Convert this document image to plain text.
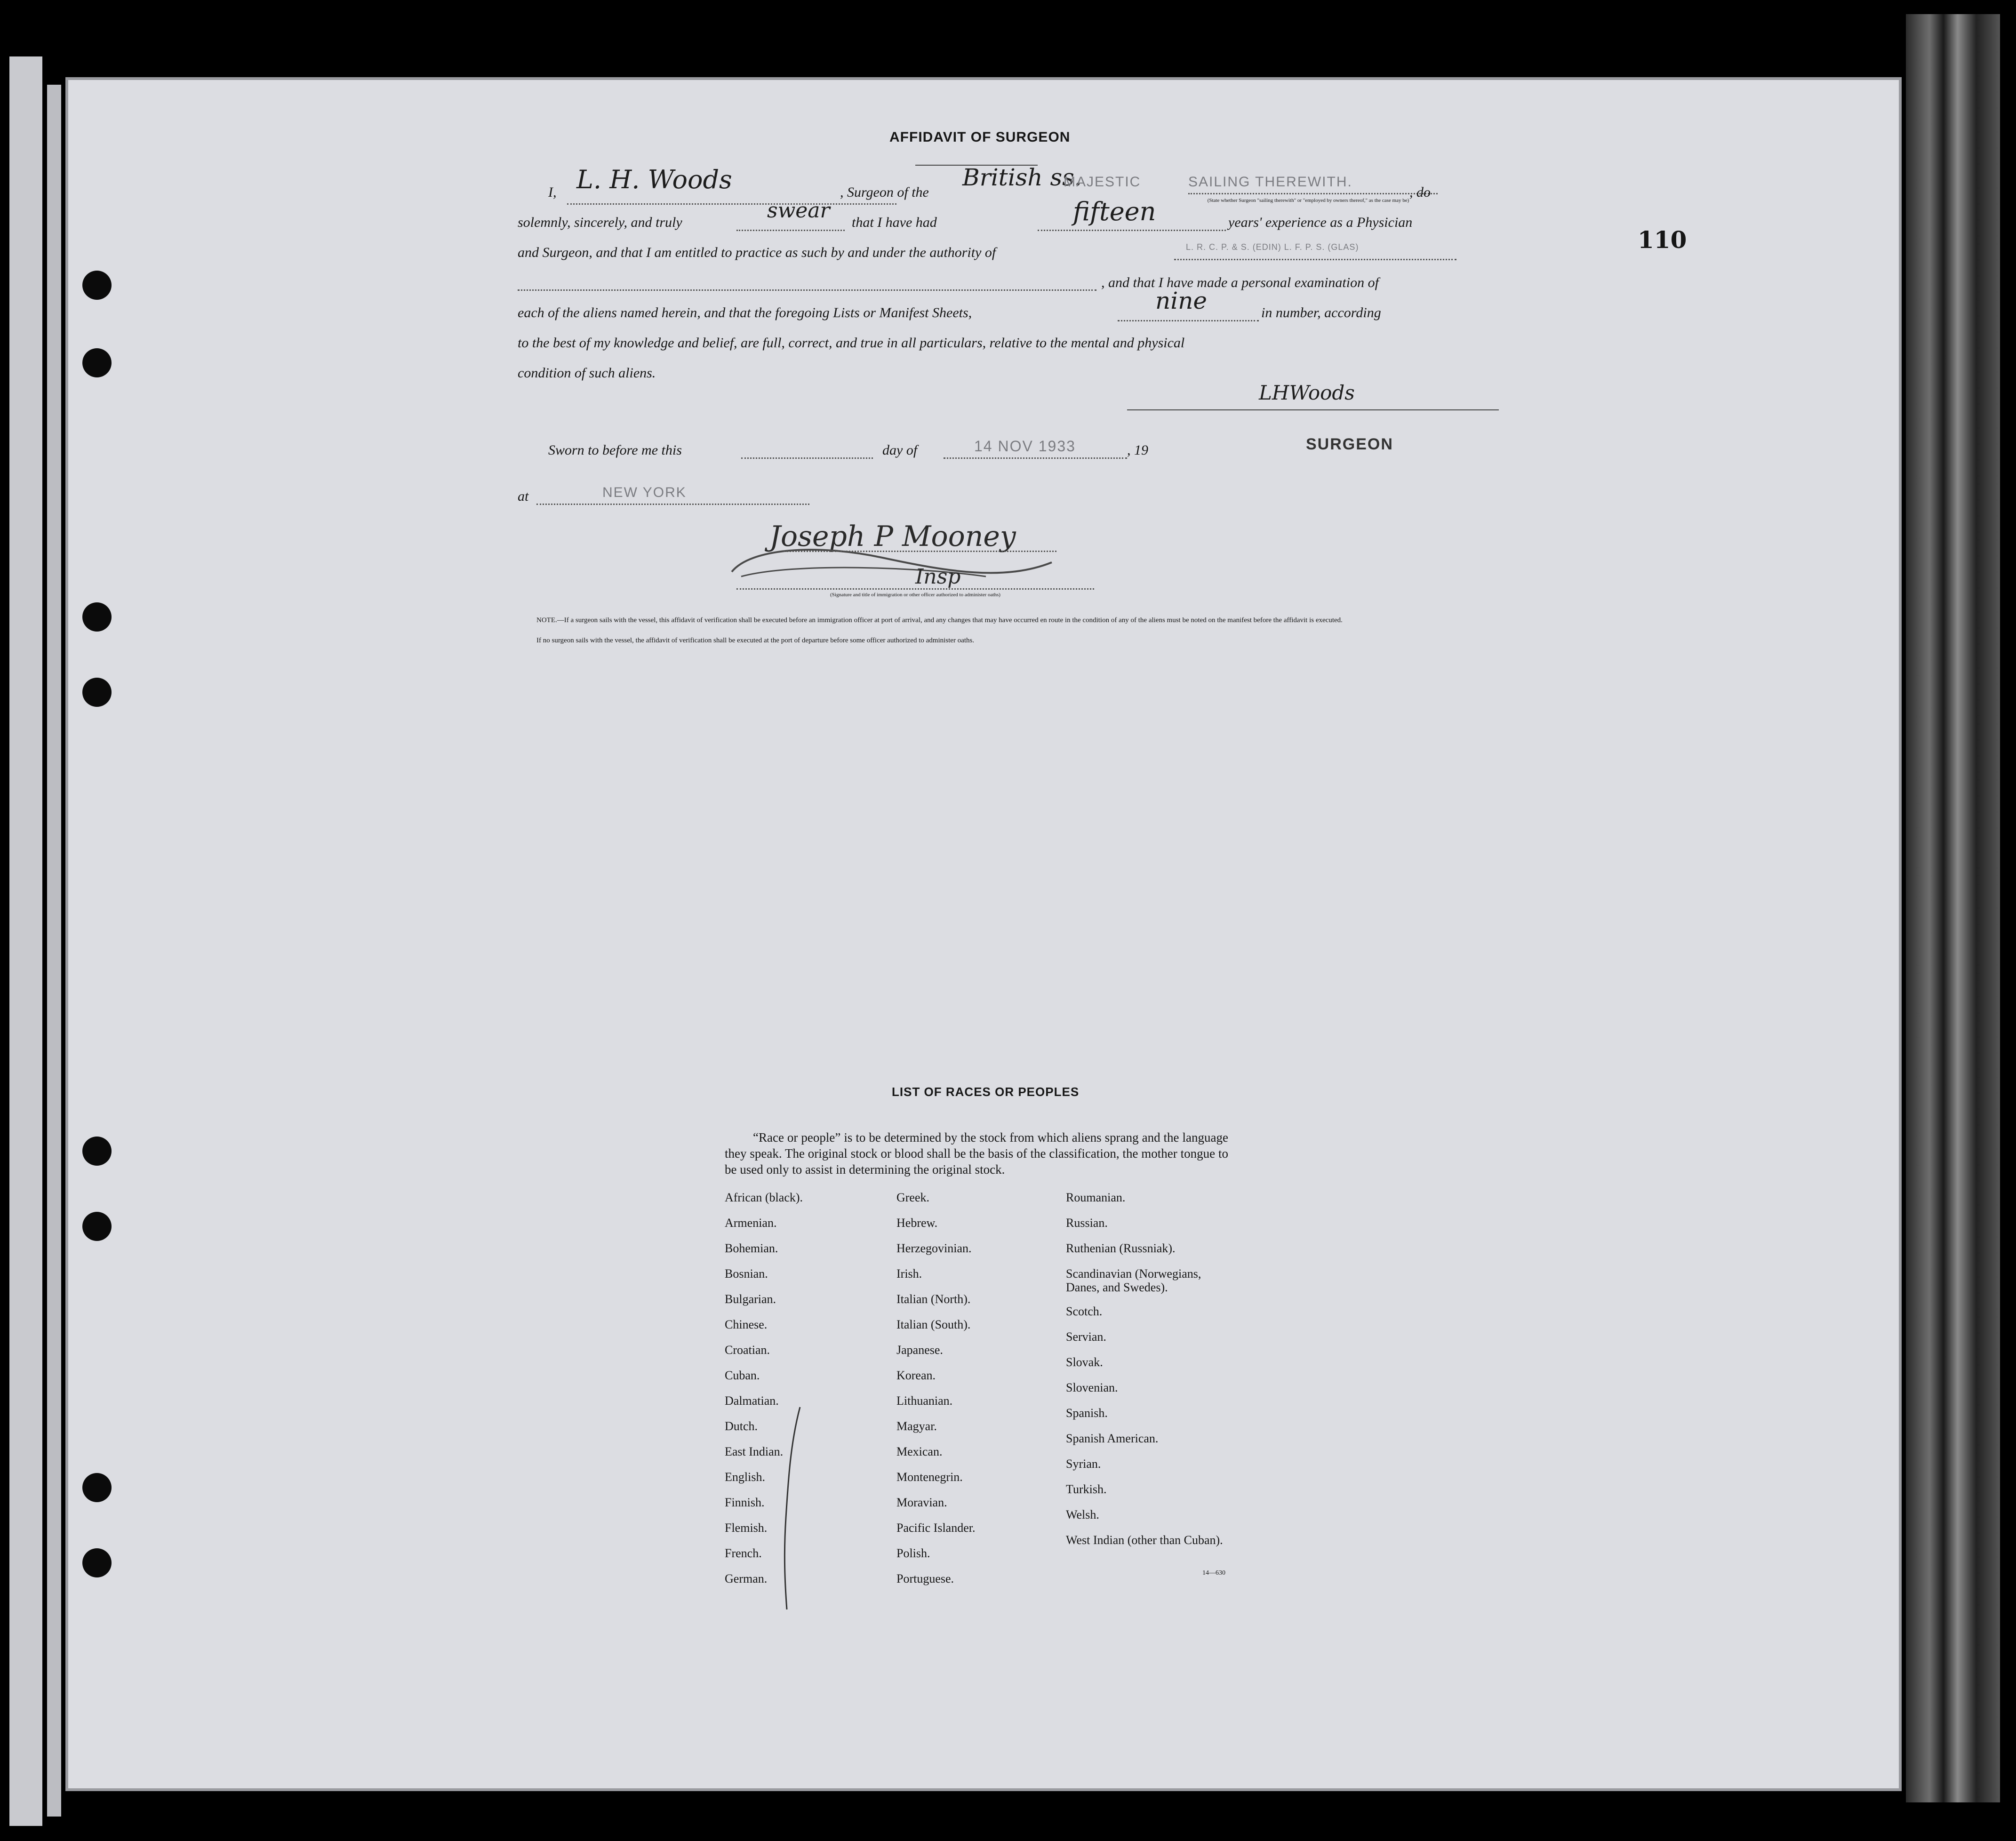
110
AFFIDAVIT OF SURGEON
I, L. H. Woods	, Surgeon of the
British ss.
MAJESTIC	SAILING THEREWITH.
, do
(State whether Surgeon "sailing therewith" or "employed by owners thereof," as the case may be)
solemnly, sincerely, and truly	swear that I have had	fifteen	years' experience as a Physician
and Surgeon, and that I am entitled to practice as such by and under the authority of	L. R. C. P. & S. (EDIN) L. F. P. S. (GLAS)
, and that I have made a personal examination of
each of the aliens named herein, and that the foregoing Lists or Manifest Sheets,	nine	in number, according
to the best of my knowledge and belief, are full, correct, and true in all particulars, relative to the mental and physical
condition of such aliens.
LHWoods
SURGEON
Sworn to before me this	day of	14 NOV 1933	, 19
at	NEW YORK
Joseph P Mooney
Insp
(Signature and title of immigration or other officer authorized to administer oaths)
NOTE.—If a surgeon sails with the vessel, this affidavit of verification shall be executed before an immigration officer at port of arrival, and any changes that may have occurred en route in the condition of any of the aliens must be noted on the manifest before the affidavit is executed.
If no surgeon sails with the vessel, the affidavit of verification shall be executed at the port of departure before some officer authorized to administer oaths.
LIST OF RACES OR PEOPLES
“Race or people” is to be determined by the stock from which aliens sprang and the language they speak. The original stock or blood shall be the basis of the classification, the mother tongue to be used only to assist in determining the original stock.
African (black).
Armenian.
Bohemian.
Bosnian.
Bulgarian.
Chinese.
Croatian.
Cuban.
Dalmatian.
Dutch.
East Indian.
English.
Finnish.
Flemish.
French.
German.
Greek.
Hebrew.
Herzegovinian.
Irish.
Italian (North).
Italian (South).
Japanese.
Korean.
Lithuanian.
Magyar.
Mexican.
Montenegrin.
Moravian.
Pacific Islander.
Polish.
Portuguese.
Roumanian.
Russian.
Ruthenian (Russniak).
Scandinavian (Norwegians, Danes, and Swedes).
Scotch.
Servian.
Slovak.
Slovenian.
Spanish.
Spanish American.
Syrian.
Turkish.
Welsh.
West Indian (other than Cuban).
14—630
